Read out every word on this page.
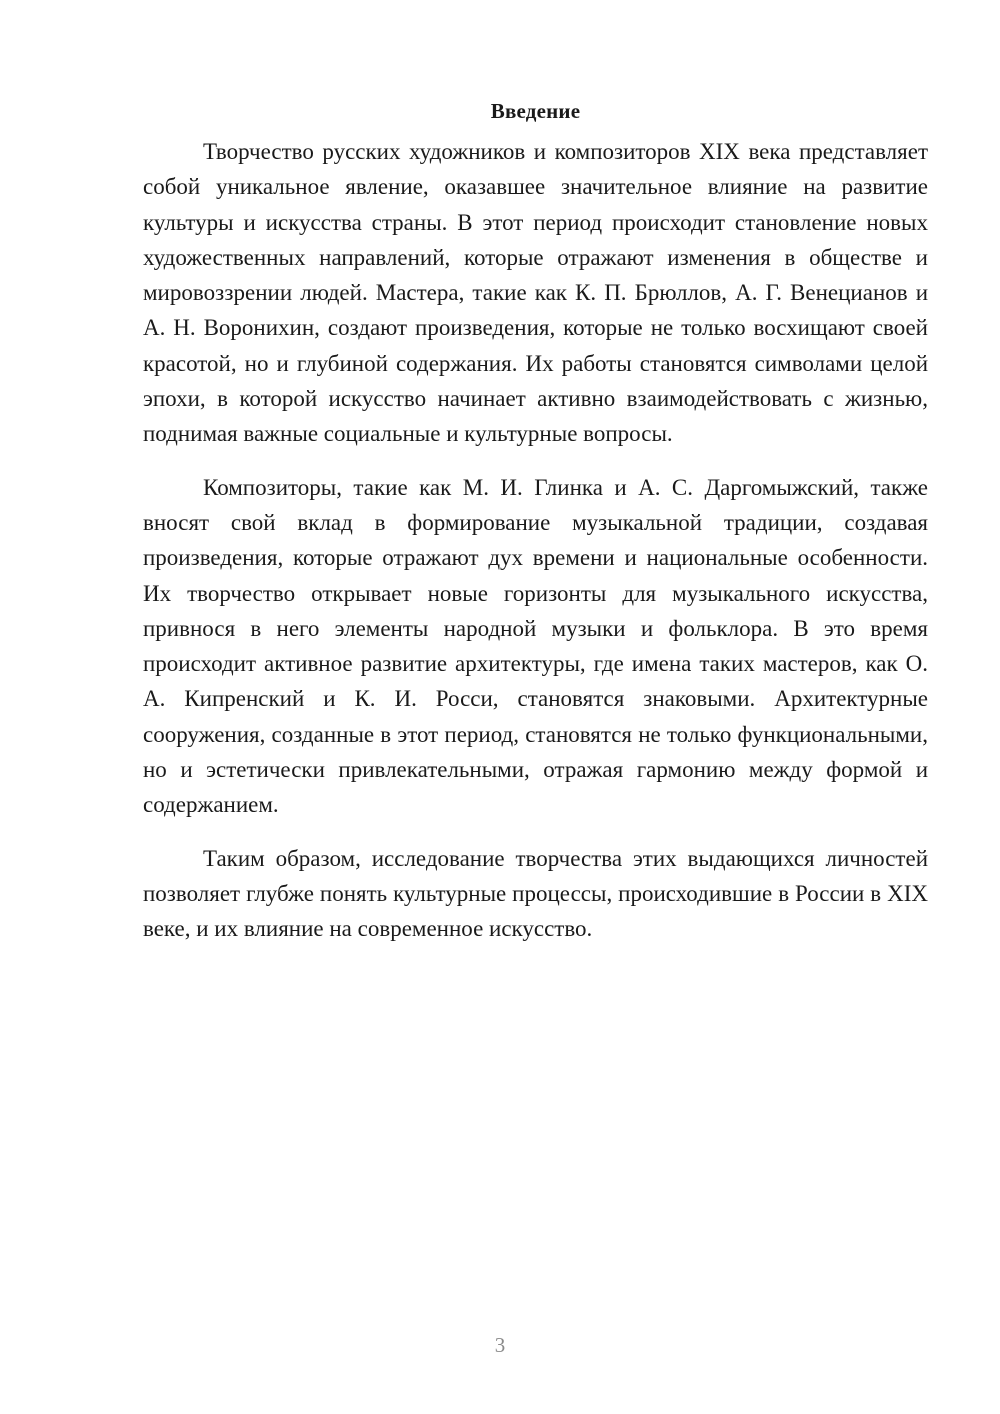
Введение

Творчество русских художников и композиторов XIX века представляет собой уникальное явление, оказавшее значительное влияние на развитие культуры и искусства страны. В этот период происходит становление новых художественных направлений, которые отражают изменения в обществе и мировоззрении людей. Мастера, такие как К. П. Брюллов, А. Г. Венецианов и А. Н. Воронихин, создают произведения, которые не только восхищают своей красотой, но и глубиной содержания. Их работы становятся символами целой эпохи, в которой искусство начинает активно взаимодействовать с жизнью, поднимая важные социальные и культурные вопросы.

Композиторы, такие как М. И. Глинка и А. С. Даргомыжский, также вносят свой вклад в формирование музыкальной традиции, создавая произведения, которые отражают дух времени и национальные особенности. Их творчество открывает новые горизонты для музыкального искусства, привнося в него элементы народной музыки и фольклора. В это время происходит активное развитие архитектуры, где имена таких мастеров, как О. А. Кипренский и К. И. Росси, становятся знаковыми. Архитектурные сооружения, созданные в этот период, становятся не только функциональными, но и эстетически привлекательными, отражая гармонию между формой и содержанием.

Таким образом, исследование творчества этих выдающихся личностей позволяет глубже понять культурные процессы, происходившие в России в XIX веке, и их влияние на современное искусство.

3
